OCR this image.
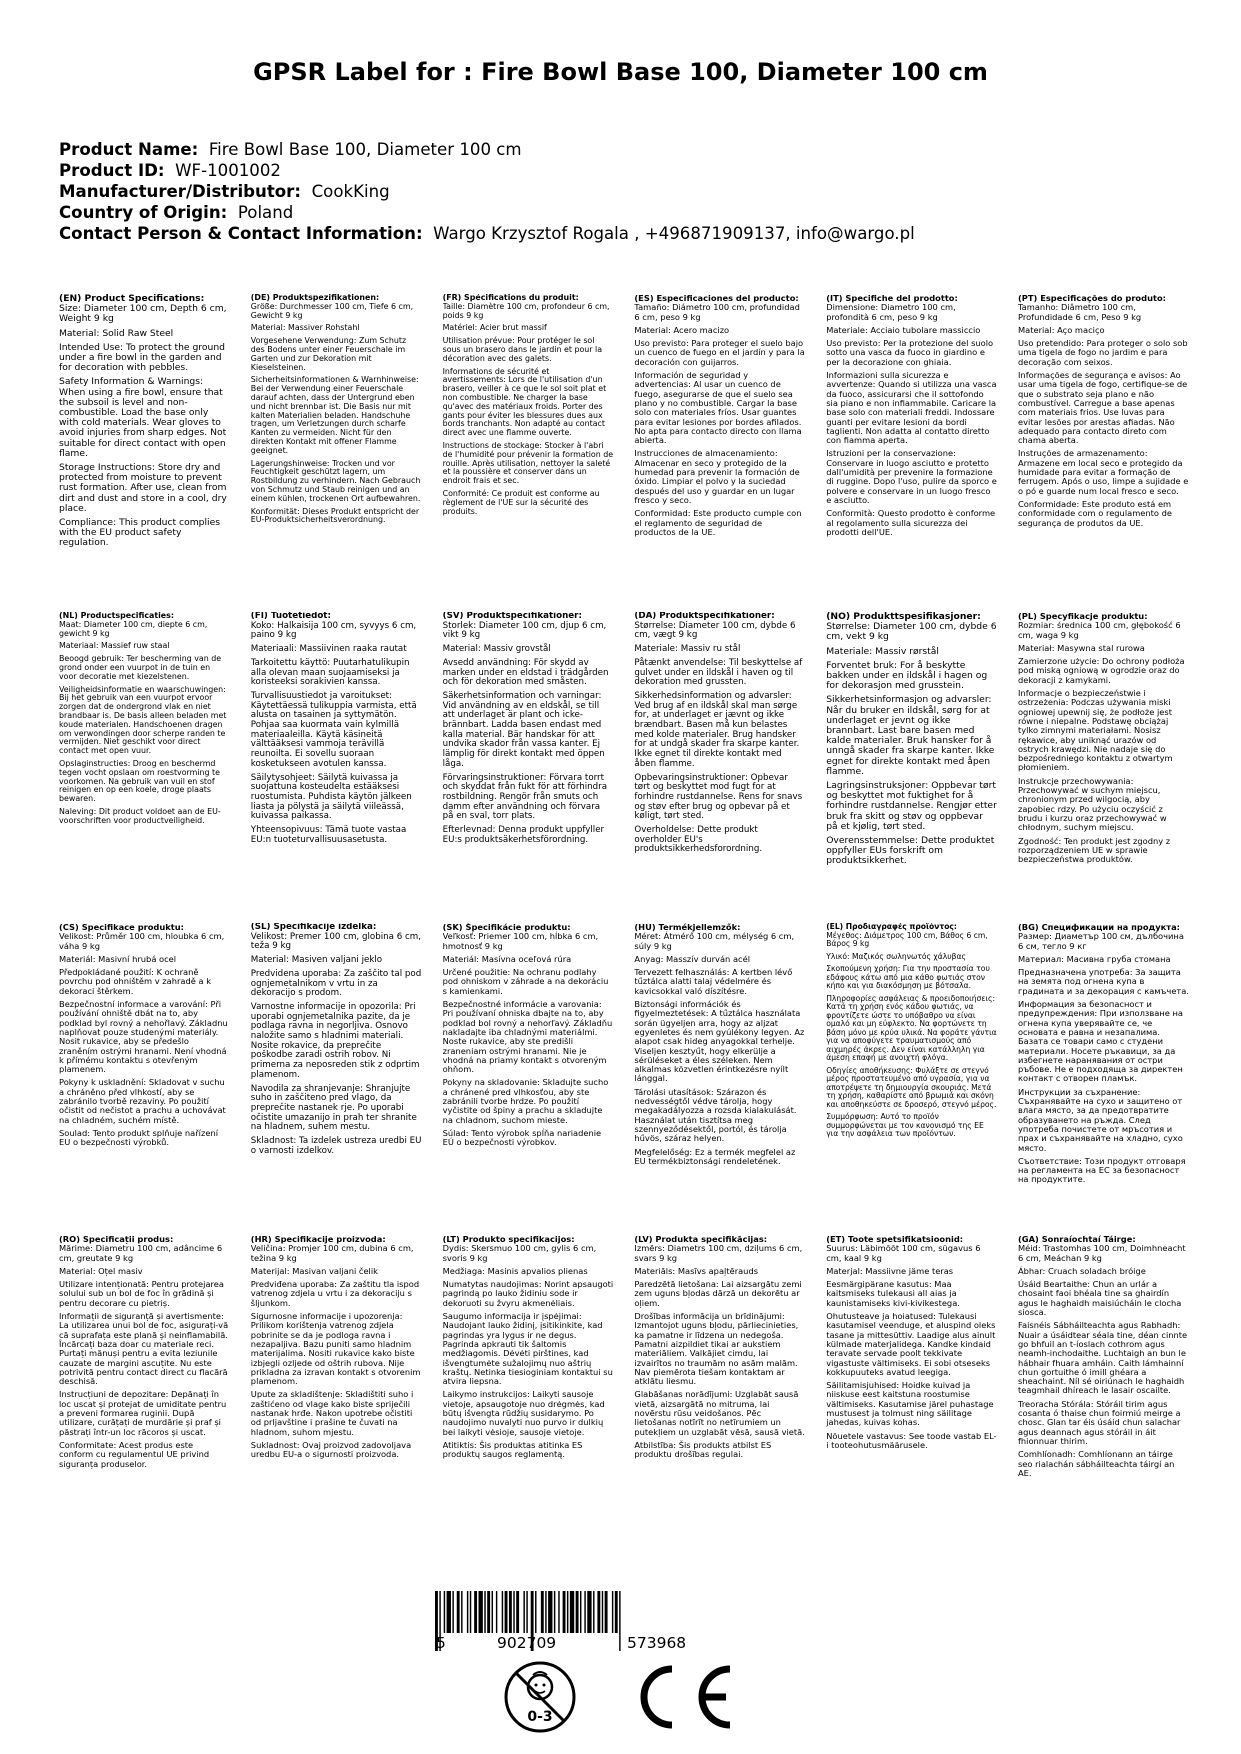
GPSR Label for : Fire Bowl Base 100, Diameter 100 cm
Product Name: Fire Bowl Base 100, Diameter 100 cm
Product ID: WF-1001002
Manufacturer/Distributor: CookKing
Country of Origin: Poland
Contact Person & Contact Information: Wargo Krzysztof Rogala , +496871909137, info@wargo.pl

(EN) Product Specifications:
Size: Diameter 100 cm, Depth 6 cm, Weight 9 kg

Material: Solid Raw Steel

Intended Use: To protect the ground under a fire bowl in the garden and for decoration with pebbles.

Safety Information & Warnings: When using a fire bowl, ensure that the subsoil is level and non-combustible. Load the base only with cold materials. Wear gloves to avoid injuries from sharp edges. Not suitable for direct contact with open flame.

Storage Instructions: Store dry and protected from moisture to prevent rust formation. After use, clean from dirt and dust and store in a cool, dry place.

Compliance: This product complies with the EU product safety regulation.

(DE) Produktspezifikationen:
Größe: Durchmesser 100 cm, Tiefe 6 cm, Gewicht 9 kg

Material: Massiver Rohstahl

Vorgesehene Verwendung: Zum Schutz des Bodens unter einer Feuerschale im Garten und zur Dekoration mit Kieselsteinen.

Sicherheitsinformationen & Warnhinweise: Bei der Verwendung einer Feuerschale darauf achten, dass der Untergrund eben und nicht brennbar ist. Die Basis nur mit kalten Materialien beladen. Handschuhe tragen, um Verletzungen durch scharfe Kanten zu vermeiden. Nicht für den direkten Kontakt mit offener Flamme geeignet.

Lagerungshinweise: Trocken und vor Feuchtigkeit geschützt lagern, um Rostbildung zu verhindern. Nach Gebrauch von Schmutz und Staub reinigen und an einem kühlen, trockenen Ort aufbewahren.

Konformität: Dieses Produkt entspricht der EU-Produktsicherheitsverordnung.

(FR) Spécifications du produit:
Taille: Diamètre 100 cm, profondeur 6 cm, poids 9 kg

Matériel: Acier brut massif

Utilisation prévue: Pour protéger le sol sous un brasero dans le jardin et pour la décoration avec des galets.

Informations de sécurité et avertissements: Lors de l'utilisation d'un brasero, veiller à ce que le sol soit plat et non combustible. Ne charger la base qu'avec des matériaux froids. Porter des gants pour éviter les blessures dues aux bords tranchants. Non adapté au contact direct avec une flamme ouverte.

Instructions de stockage: Stocker à l'abri de l'humidité pour prévenir la formation de rouille. Après utilisation, nettoyer la saleté et la poussière et conserver dans un endroit frais et sec.

Conformité: Ce produit est conforme au règlement de l'UE sur la sécurité des produits.

(ES) Especificaciones del producto:
Tamaño: Diámetro 100 cm, profundidad 6 cm, peso 9 kg

Material: Acero macizo

Uso previsto: Para proteger el suelo bajo un cuenco de fuego en el jardín y para la decoración con guijarros.

Información de seguridad y advertencias: Al usar un cuenco de fuego, asegurarse de que el suelo sea plano y no combustible. Cargar la base solo con materiales fríos. Usar guantes para evitar lesiones por bordes afilados. No apta para contacto directo con llama abierta.

Instrucciones de almacenamiento: Almacenar en seco y protegido de la humedad para prevenir la formación de óxido. Limpiar el polvo y la suciedad después del uso y guardar en un lugar fresco y seco.

Conformidad: Este producto cumple con el reglamento de seguridad de productos de la UE.

(IT) Specifiche del prodotto:
Dimensione: Diametro 100 cm, profondità 6 cm, peso 9 kg

Materiale: Acciaio tubolare massiccio

Uso previsto: Per la protezione del suolo sotto una vasca da fuoco in giardino e per la decorazione con ghiaia.

Informazioni sulla sicurezza e avvertenze: Quando si utilizza una vasca da fuoco, assicurarsi che il sottofondo sia piano e non infiammabile. Caricare la base solo con materiali freddi. Indossare guanti per evitare lesioni da bordi taglienti. Non adatta al contatto diretto con fiamma aperta.

Istruzioni per la conservazione: Conservare in luogo asciutto e protetto dall'umidità per prevenire la formazione di ruggine. Dopo l'uso, pulire da sporco e polvere e conservare in un luogo fresco e asciutto.

Conformità: Questo prodotto è conforme al regolamento sulla sicurezza dei prodotti dell'UE.

(PT) Especificações do produto:
Tamanho: Diâmetro 100 cm, Profundidade 6 cm, Peso 9 kg

Material: Aço maciço

Uso pretendido: Para proteger o solo sob uma tigela de fogo no jardim e para decoração com seixos.

Informações de segurança e avisos: Ao usar uma tigela de fogo, certifique-se de que o substrato seja plano e não combustível. Carregue a base apenas com materiais frios. Use luvas para evitar lesões por arestas afiadas. Não adequado para contacto direto com chama aberta.

Instruções de armazenamento: Armazene em local seco e protegido da humidade para evitar a formação de ferrugem. Após o uso, limpe a sujidade e o pó e guarde num local fresco e seco.

Conformidade: Este produto está em conformidade com o regulamento de segurança de produtos da UE.

(NL) Productspecificaties:
Maat: Diameter 100 cm, diepte 6 cm, gewicht 9 kg

Materiaal: Massief ruw staal

Beoogd gebruik: Ter bescherming van de grond onder een vuurpot in de tuin en voor decoratie met kiezelstenen.

Veiligheidsinformatie en waarschuwingen: Bij het gebruik van een vuurpot ervoor zorgen dat de ondergrond vlak en niet brandbaar is. De basis alleen beladen met koude materialen. Handschoenen dragen om verwondingen door scherpe randen te vermijden. Niet geschikt voor direct contact met open vuur.

Opslaginstructies: Droog en beschermd tegen vocht opslaan om roestvorming te voorkomen. Na gebruik van vuil en stof reinigen en op een koele, droge plaats bewaren.

Naleving: Dit product voldoet aan de EU-voorschriften voor productveiligheid.

(FI) Tuotetiedot:
Koko: Halkaisija 100 cm, syvyys 6 cm, paino 9 kg

Materiaali: Massiivinen raaka rautat

Tarkoitettu käyttö: Puutarhatulikupin alla olevan maan suojaamiseksi ja koristeeksi sorakivien kanssa.

Turvallisuustiedot ja varoitukset: Käytettäessä tulikuppia varmista, että alusta on tasainen ja syttymätön. Pohjaa saa kuormata vain kylmillä materiaaleilla. Käytä käsineitä välttääksesi vammoja terävillä reunoilta. Ei sovellu suoraan kosketukseen avotulen kanssa.

Säilytysohjeet: Säilytä kuivassa ja suojattuna kosteudelta estääksesi ruostumista. Puhdista käytön jälkeen liasta ja pölystä ja säilytä viileässä, kuivassa paikassa.

Yhteensopivuus: Tämä tuote vastaa EU:n tuoteturvallisuusasetusta.

(SV) Produktspecifikationer:
Storlek: Diameter 100 cm, djup 6 cm, vikt 9 kg

Material: Massiv grovstål

Avsedd användning: För skydd av marken under en eldstad i trädgården och för dekoration med småsten.

Säkerhetsinformation och varningar: Vid användning av en eldskål, se till att underlaget är plant och icke-brännbart. Ladda basen endast med kalla material. Bär handskar för att undvika skador från vassa kanter. Ej lämplig för direkt kontakt med öppen låga.

Förvaringsinstruktioner: Förvara torrt och skyddat från fukt för att förhindra rostbildning. Rengör från smuts och damm efter användning och förvara på en sval, torr plats.

Efterlevnad: Denna produkt uppfyller EU:s produktsäkerhetsförordning.

(DA) Produktspecifikationer:
Størrelse: Diameter 100 cm, dybde 6 cm, vægt 9 kg

Materiale: Massiv ru stål

Påtænkt anvendelse: Til beskyttelse af gulvet under en ildskål i haven og til dekoration med grussten.

Sikkerhedsinformation og advarsler: Ved brug af en ildskål skal man sørge for, at underlaget er jævnt og ikke brændbart. Basen må kun belastes med kolde materialer. Brug handsker for at undgå skader fra skarpe kanter. Ikke egnet til direkte kontakt med åben flamme.

Opbevaringsinstruktioner: Opbevar tørt og beskyttet mod fugt for at forhindre rustdannelse. Rens for snavs og støv efter brug og opbevar på et køligt, tørt sted.

Overholdelse: Dette produkt overholder EU's produktsikkerhedsforordning.

(NO) Produkttspesifikasjoner:
Størrelse: Diameter 100 cm, dybde 6 cm, vekt 9 kg

Materiale: Massiv rørstål

Forventet bruk: For å beskytte bakken under en ildskål i hagen og for dekorasjon med grusstein.

Sikkerhetsinformasjon og advarsler: Når du bruker en ildskål, sørg for at underlaget er jevnt og ikke brannbart. Last bare basen med kalde materialer. Bruk hansker for å unngå skader fra skarpe kanter. Ikke egnet for direkte kontakt med åpen flamme.

Lagringsinstruksjoner: Oppbevar tørt og beskyttet mot fuktighet for å forhindre rustdannelse. Rengjør etter bruk fra skitt og støv og oppbevar på et kjølig, tørt sted.

Overensstemmelse: Dette produktet oppfyller EUs forskrift om produktsikkerhet.

(PL) Specyfikacje produktu:
Rozmiar: średnica 100 cm, głębokość 6 cm, waga 9 kg

Materiał: Masywna stal rurowa

Zamierzone użycie: Do ochrony podłoża pod miską ogniową w ogrodzie oraz do dekoracji z kamykami.

Informacje o bezpieczeństwie i ostrzeżenia: Podczas używania miski ogniowej upewnij się, że podłoże jest równe i niepalne. Podstawę obciążaj tylko zimnymi materiałami. Nosisz rękawice, aby uniknąć urazów od ostrych krawędzi. Nie nadaje się do bezpośredniego kontaktu z otwartym płomieniem.

Instrukcje przechowywania: Przechowywać w suchym miejscu, chronionym przed wilgocią, aby zapobiec rdzy. Po użyciu oczyścić z brudu i kurzu oraz przechowywać w chłodnym, suchym miejscu.

Zgodność: Ten produkt jest zgodny z rozporządzeniem UE w sprawie bezpieczeństwa produktów.

(CS) Specifikace produktu:
Velikost: Průměr 100 cm, hloubka 6 cm, váha 9 kg

Materiál: Masivní hrubá ocel

Předpokládané použití: K ochraně povrchu pod ohništěm v zahradě a k dekoraci štěrkem.

Bezpečnostní informace a varování: Při používání ohniště dbát na to, aby podklad byl rovný a nehořlavý. Základnu naplňovat pouze studenými materiály. Nosit rukavice, aby se předešlo zraněním ostrými hranami. Není vhodná k přímému kontaktu s otevřeným plamenem.

Pokyny k uskladnění: Skladovat v suchu a chráněno před vlhkostí, aby se zabránilo tvorbě rezaviny. Po použití očistit od nečistot a prachu a uchovávat na chladném, suchém místě.

Soulad: Tento produkt splňuje nařízení EU o bezpečnosti výrobků.

(SL) Specifikacije izdelka:
Velikost: Premer 100 cm, globina 6 cm, teža 9 kg

Material: Masiven valjani jeklo

Predvidena uporaba: Za zaščito tal pod ognjemetalnikom v vrtu in za dekoracijo s prodom.

Varnostne informacije in opozorila: Pri uporabi ognjemetalnika pazite, da je podlaga ravna in negorljiva. Osnovo naložite samo s hladnimi materiali. Nosite rokavice, da preprečite poškodbe zaradi ostrih robov. Ni primerna za neposreden stik z odprtim plamenom.

Navodila za shranjevanje: Shranjujte suho in zaščiteno pred vlago, da preprečite nastanek rje. Po uporabi očistite umazanijo in prah ter shranite na hladnem, suhem mestu.

Skladnost: Ta izdelek ustreza uredbi EU o varnosti izdelkov.

(SK) Špecifikácie produktu:
Veľkosť: Priemer 100 cm, hĺbka 6 cm, hmotnosť 9 kg

Materiál: Masívna oceľová rúra

Určené použitie: Na ochranu podlahy pod ohniskom v záhrade a na dekoráciu s kamienkami.

Bezpečnostné informácie a varovania: Pri používaní ohniska dbajte na to, aby podklad bol rovný a nehorľavý. Základňu nakladajte iba chladnými materiálmi. Noste rukavice, aby ste predišli zraneniam ostrými hranami. Nie je vhodná na priamy kontakt s otvoreným ohňom.

Pokyny na skladovanie: Skladujte sucho a chránené pred vlhkosťou, aby ste zabránili tvorbe hrdze. Po použití vyčistite od špiny a prachu a skladujte na chladnom, suchom mieste.

Súlad: Tento výrobok spĺňa nariadenie EÚ o bezpečnosti výrobkov.

(HU) Termékjellemzők:
Méret: Átmérő 100 cm, mélység 6 cm, súly 9 kg

Anyag: Masszív durván acél

Tervezett felhasználás: A kertben lévő tűztálca alatti talaj védelmére és kavicsokkal való díszítésre.

Biztonsági információk és figyelmeztetések: A tűztálca használata során ügyeljen arra, hogy az aljzat egyenletes és nem gyúlékony legyen. Az alapot csak hideg anyagokkal terhelje. Viseljen kesztyűt, hogy elkerülje a sérüléseket a éles széleken. Nem alkalmas közvetlen érintkezésre nyílt lánggal.

Tárolási utasítások: Szárazon és nedvességtől védve tárolja, hogy megakadályozza a rozsda kialakulását. Használat után tisztítsa meg szennyeződésektől, portól, és tárolja hűvös, száraz helyen.

Megfelelőség: Ez a termék megfelel az EU termékbiztonsági rendeletének.

(EL) Προδιαγραφές προϊόντος:
Μέγεθος: Διάμετρος 100 cm, Βάθος 6 cm, Βάρος 9 kg

Υλικό: Μαζικός σωληνωτός χάλυβας

Σκοπούμενη χρήση: Για την προστασία του εδάφους κάτω από μια κάθο φωτιάς στον κήπο και για διακόσμηση με βότσαλα.

Πληροφορίες ασφάλειας & προειδοποιήσεις: Κατά τη χρήση ενός κάδου φωτιάς, να φροντίζετε ώστε το υπόβαθρο να είναι ομαλό και μη εύφλεκτο. Να φορτώνετε τη βάση μόνο με κρύα υλικά. Να φοράτε γάντια για να αποφύγετε τραυματισμούς από αιχμηρές άκρες. Δεν είναι κατάλληλη για άμεση επαφή με ανοιχτή φλόγα.

Οδηγίες αποθήκευσης: Φυλάξτε σε στεγνό μέρος προστατευμένο από υγρασία, για να αποτρέψετε τη δημιουργία σκουριάς. Μετά τη χρήση, καθαρίστε από βρωμιά και σκόνη και αποθηκεύστε σε δροσερό, στεγνό μέρος.

Συμμόρφωση: Αυτό το προϊόν συμμορφώνεται με τον κανονισμό της ΕΕ για την ασφάλεια των προϊόντων.

(BG) Спецификации на продукта:
Размер: Диаметър 100 см, дълбочина 6 см, тегло 9 кг

Материал: Масивна груба стомана

Предназначена употреба: За защита на земята под огнена купа в градината и за декорация с камъчета.

Информация за безопасност и предупреждения: При използване на огнена купа уверявайте се, че основата е равна и незапалима. Базата се товари само с студени материали. Носете ръкавици, за да избегнете наранявания от остри ръбове. Не е подходяща за директен контакт с отворен пламък.

Инструкции за съхранение: Съхранявайте на сухо и защитено от влага място, за да предотвратите образуването на ръжда. След употреба почистете от мръсотия и прах и съхранявайте на хладно, сухо място.

Съответствие: Този продукт отговаря на регламента на ЕС за безопасност на продуктите.

(RO) Specificații produs:
Mărime: Diametru 100 cm, adâncime 6 cm, greutate 9 kg

Material: Oțel masiv

Utilizare intenționată: Pentru protejarea solului sub un bol de foc în grădină și pentru decorare cu pietriș.

Informații de siguranță și avertismente: La utilizarea unui bol de foc, asigurați-vă că suprafața este plană și neinflamabilă. Încărcați baza doar cu materiale reci. Purtați mănuși pentru a evita leziunile cauzate de margini ascuțite. Nu este potrivită pentru contact direct cu flacără deschisă.

Instrucțiuni de depozitare: Depănați în loc uscat și protejat de umiditate pentru a preveni formarea ruginii. După utilizare, curățați de murdărie și praf și păstrați într-un loc răcoros și uscat.

Conformitate: Acest produs este conform cu regulamentul UE privind siguranța produselor.

(HR) Specifikacije proizvoda:
Veličina: Promjer 100 cm, dubina 6 cm, težina 9 kg

Materijal: Masivan valjani čelik

Predviđena uporaba: Za zaštitu tla ispod vatrenog zdjela u vrtu i za dekoraciju s šljunkom.

Sigurnosne informacije i upozorenja: Prilikom korištenja vatrenog zdjela pobrinite se da je podloga ravna i nezapaljiva. Bazu puniti samo hladnim materijalima. Nositi rukavice kako biste izbjegli ozljede od oštrih rubova. Nije prikladna za izravan kontakt s otvorenim plamenom.

Upute za skladištenje: Skladištiti suho i zaštićeno od vlage kako biste spriječili nastanak hrđe. Nakon upotrebe očistiti od prljavštine i prašine te čuvati na hladnom, suhom mjestu.

Sukladnost: Ovaj proizvod zadovoljava uredbu EU-a o sigurnosti proizvoda.

(LT) Produkto specifikacijos:
Dydis: Skersmuo 100 cm, gylis 6 cm, svoris 9 kg

Medžiaga: Masinis apvalios plienas

Numatytas naudojimas: Norint apsaugoti pagrindą po lauko židiniu sode ir dekoruoti su žvyru akmenėliais.

Saugumo informacija ir įspėjimai: Naudojant lauko židinį, įsitikinkite, kad pagrindas yra lygus ir ne degus. Pagrinda apkrauti tik šaltomis medžiagomis. Dėvėti pirštines, kad išvengtumėte sužalojimų nuo aštrių kraštų. Netinka tiesioginiam kontaktui su atvira liepsna.

Laikymo instrukcijos: Laikyti sausoje vietoje, apsaugotoje nuo drėgmės, kad būtų išvengta rūdžių susidarymo. Po naudojimo nuvalyti nuo purvo ir dulkių bei laikyti vėsioje, sausoje vietoje.

Atitiktis: Šis produktas atitinka ES produktų saugos reglamentą.

(LV) Produkta specifikācijas:
Izmērs: Diametrs 100 cm, dziļums 6 cm, svars 9 kg

Materiāls: Masīvs apaļtērauds

Paredzētā lietošana: Lai aizsargātu zemi zem uguns bļodas dārzā un dekorētu ar oļiem.

Drošības informācija un brīdinājumi: Izmantojot uguns bļodu, pārliecinieties, ka pamatne ir līdzena un nedegoša. Pamatni aizpildiet tikai ar aukstiem materiāliem. Valkājiet cimdu, lai izvairītos no traumām no asām malām. Nav piemērota tiešam kontaktam ar atklātu liesmu.

Glabāšanas norādījumi: Uzglabāt sausā vietā, aizsargātā no mitruma, lai novērstu rūsu veidošanos. Pēc lietošanas notīrīt no netīrumiem un putekļiem un uzglabāt vēsā, sausā vietā.

Atbilstība: Šis produkts atbilst ES produktu drošības regulai.

(ET) Toote spetsifikatsioonid:
Suurus: Läbimõõt 100 cm, sügavus 6 cm, kaal 9 kg

Materjal: Massiivne jäme teras

Eesmärgipärane kasutus: Maa kaitsmiseks tulekausi all aias ja kaunistamiseks kivi-kivikestega.

Ohutusteave ja hoiatused: Tulekausi kasutamisel veenduge, et aluspind oleks tasane ja mittesüttiv. Laadige alus ainult külmade materjalidega. Kandke kindaid teravate servade poolt tekkivate vigastuste vältimiseks. Ei sobi otseseks kokkupuuteks avatud leegiga.

Säilitamisjuhised: Hoidke kuivad ja niiskuse eest kaitstuna roostumise vältimiseks. Kasutamise järel puhastage mustusest ja tolmust ning säilitage jahedas, kuivas kohas.

Nõuetele vastavus: See toode vastab EL-i tooteohutusmäärusele.

(GA) Sonraíochtaí Táirge:
Méid: Trastomhas 100 cm, Doimhneacht 6 cm, Meáchan 9 kg

Ábhar: Cruach soladach bróige

Úsáid Beartaithe: Chun an urlár a chosaint faoi bhéala tine sa ghairdín agus le haghaidh maisiúcháin le clocha siosca.

Faisnéis Sábháilteachta agus Rabhadh: Nuair a úsáidtear séala tine, déan cinnte go bhfuil an t-íoslach cothrom agus neamh-inchodaithe. Luchtaigh an bun le hábhair fhuara amháin. Caith lámhainní chun gortuithe ó imill ghéara a sheachaint. Níl sé oiriúnach le haghaidh teagmhail dhíreach le lasair oscailte.

Treoracha Stórála: Stóráil tirim agus cosanta ó thaise chun foirmiú meirge a chosc. Glan tar éis úsáid chun salachar agus deannach agus stóráil in áit fhionnuar thirim.

Comhlíonadh: Comhlíonann an táirge seo rialachán sábháilteachta táirgí an AE.

5	902709	573968
0-3
